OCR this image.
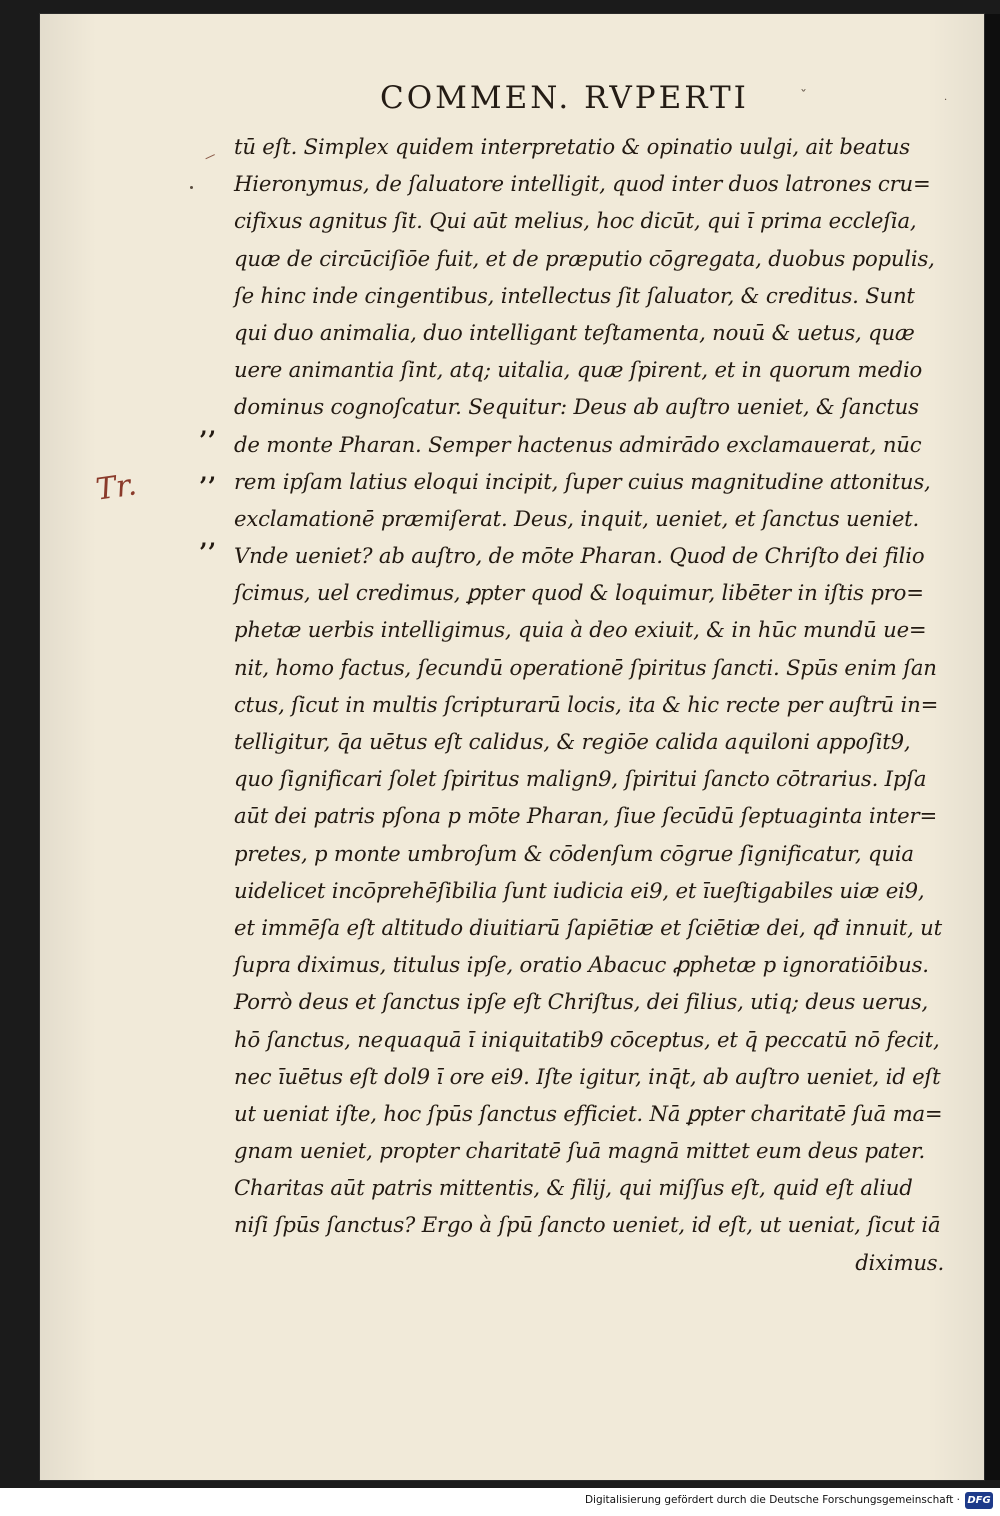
Tr.
,,
,,
,,
COMMEN. RVPERTI	ˇ	·
tū eſt. Simplex quidem interpretatio & opinatio uulgi, ait beatus
Hieronymus, de ſaluatore intelligit, quod inter duos latrones cru=
cifixus agnitus ſit. Qui aūt melius, hoc dicūt, qui ī prima eccleſia,
quæ de circūciſiōe fuit, et de præputio cōgregata, duobus populis,
ſe hinc inde cingentibus, intellectus ſit ſaluator, & creditus. Sunt
qui duo animalia, duo intelligant teſtamenta, nouū & uetus, quæ
uere animantia ſint, atq; uitalia, quæ ſpirent, et in quorum medio
dominus cognoſcatur. Sequitur: Deus ab auſtro ueniet, & ſanctus
de monte Pharan. Semper hactenus admirādo exclamauerat, nūc
rem ipſam latius eloqui incipit, ſuper cuius magnitudine attonitus,
exclamationē præmiſerat. Deus, inquit, ueniet, et ſanctus ueniet.
Vnde ueniet? ab auſtro, de mōte Pharan. Quod de Chriſto dei filio
ſcimus, uel credimus, ꝑpter quod & loquimur, libēter in iſtis pro=
phetæ uerbis intelligimus, quia à deo exiuit, & in hūc mundū ue=
nit, homo factus, ſecundū operationē ſpiritus ſancti. Spūs enim ſan
ctus, ſicut in multis ſcripturarū locis, ita & hic recte per auſtrū in=
telligitur, q̄a uētus eſt calidus, & regiōe calida aquiloni appoſit9,
quo ſignificari ſolet ſpiritus malign9, ſpiritui ſancto cōtrarius. Ipſa
aūt dei patris pſona p mōte Pharan, ſiue ſecūdū ſeptuaginta inter=
pretes, p monte umbroſum & cōdenſum cōgrue ſignificatur, quia
uidelicet incōprehēſibilia ſunt iudicia ei9, et īueſtigabiles uiæ ei9,
et immēſa eſt altitudo diuitiarū ſapiētiæ et ſciētiæ dei, qđ innuit, ut
ſupra diximus, titulus ipſe, oratio Abacuc ꝓphetæ p ignoratiōibus.
Porrò deus et ſanctus ipſe eſt Chriſtus, dei filius, utiq; deus uerus,
hō ſanctus, nequaquā ī iniquitatib9 cōceptus, et q̄ peccatū nō fecit,
nec īuētus eſt dol9 ī ore ei9. Iſte igitur, inq̄t, ab auſtro ueniet, id eſt
ut ueniat iſte, hoc ſpūs ſanctus efficiet. Nā ꝑpter charitatē ſuā ma=
gnam ueniet, propter charitatē ſuā magnā mittet eum deus pater.
Charitas aūt patris mittentis, & filij, qui miſſus eſt, quid eſt aliud
niſi ſpūs ſanctus? Ergo à ſpū ſancto ueniet, id eſt, ut ueniat, ſicut iā
diximus.
Digitalisierung gefördert durch die Deutsche Forschungsgemeinschaft · DFG
